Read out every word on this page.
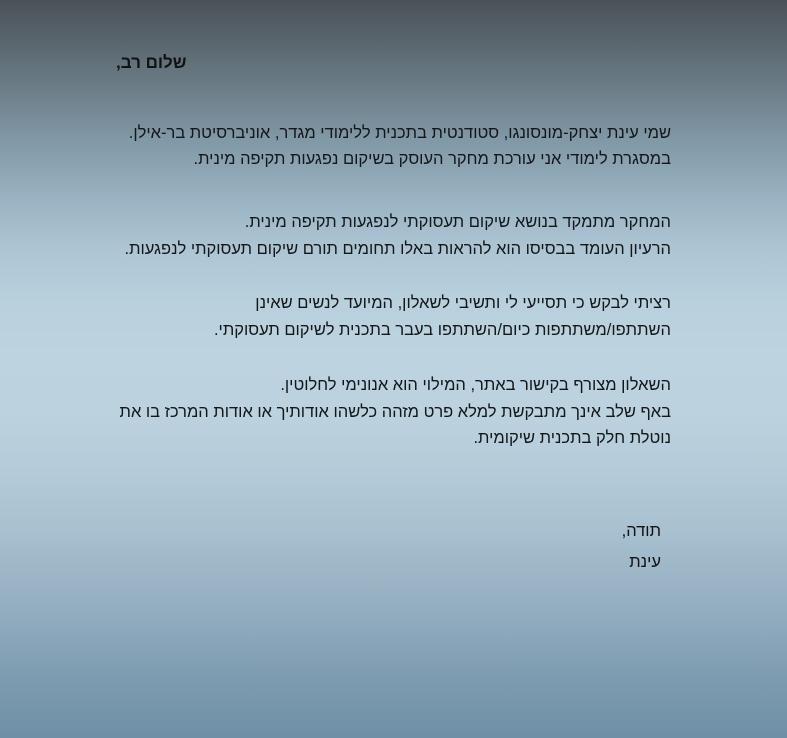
שלום רב,

שמי עינת יצחק-מונסונגו, סטודנטית בתכנית ללימודי מגדר, אוניברסיטת בר-אילן.

במסגרת לימודי אני עורכת מחקר העוסק בשיקום נפגעות תקיפה מינית.

המחקר מתמקד בנושא שיקום תעסוקתי לנפגעות תקיפה מינית.

הרעיון העומד בבסיסו הוא להראות באלו תחומים תורם שיקום תעסוקתי לנפגעות.

רציתי לבקש כי תסייעי לי ותשיבי לשאלון, המיועד לנשים שאינן השתתפו/משתתפות כיום/השתתפו בעבר בתכנית לשיקום תעסוקתי.

השאלון מצורף בקישור באתר, המילוי הוא אנונימי לחלוטין.

באף שלב אינך מתבקשת למלא פרט מזהה כלשהו אודותיך או אודות המרכז בו את נוטלת חלק בתכנית שיקומית.

תודה,
עינת
